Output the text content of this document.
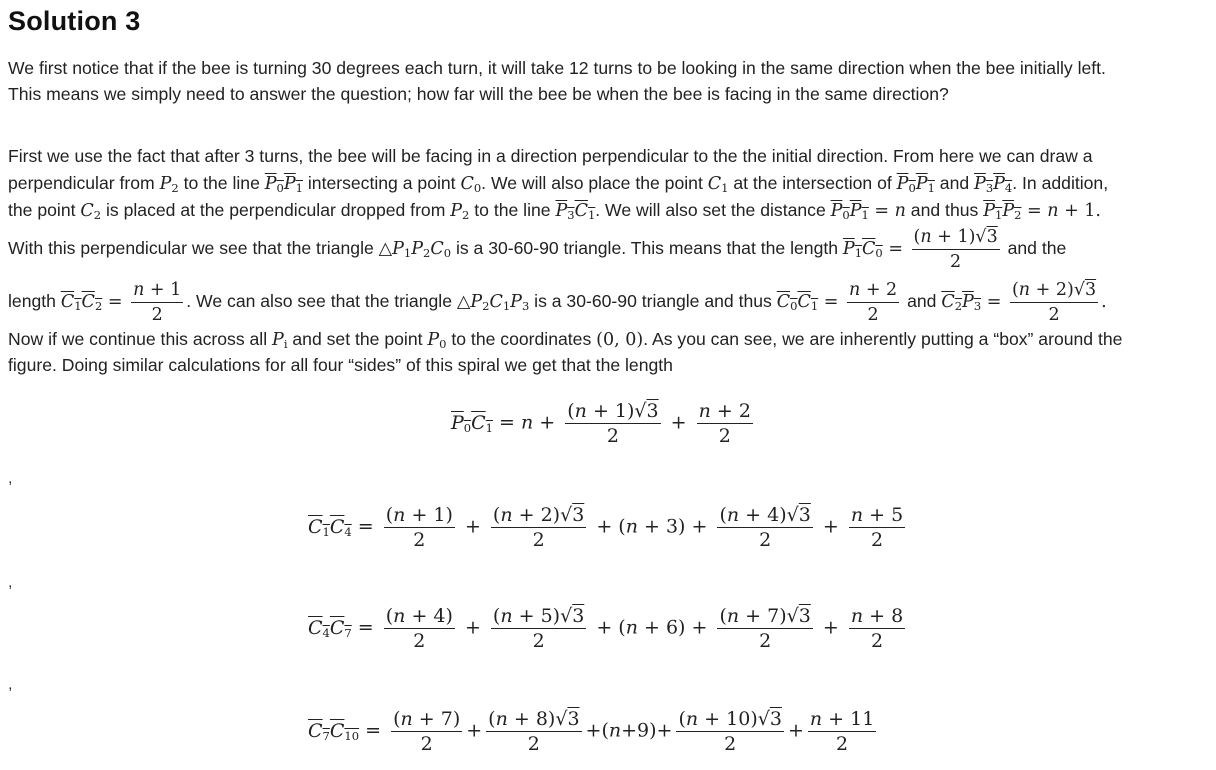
Solution 3
We first notice that if the bee is turning 30 degrees each turn, it will take 12 turns to be looking in the same direction when the bee initially left.
This means we simply need to answer the question; how far will the bee be when the bee is facing in the same direction?
First we use the fact that after 3 turns, the bee will be facing in a direction perpendicular to the the initial direction. From here we can draw a
perpendicular from $P_2$ to the line $P_0P_1$ intersecting a point $C_0$. We will also place the point $C_1$ at the intersection of $P_0P_1$ and $P_3P_4$. In addition,
the point $C_2$ is placed at the perpendicular dropped from $P_2$ to the line $P_3C_1$. We will also set the distance $P_0P_1 = n$ and thus $P_1P_2 = n + 1$.
With this perpendicular we see that the triangle $\triangle P_1P_2C_0$ is a 30-60-90 triangle. This means that the length $P_1C_0 = \frac{(n + 1)√3}{2}$ and the
length $C_1C_2 = \frac{n + 1}{2}$ . We can also see that the triangle $\triangle P_2C_1P_3$ is a 30-60-90 triangle and thus $C_0C_1 = \frac{n + 2}{2}$ and $C_2P_3 = \frac{(n + 2)√3}{2}$ .
Now if we continue this across all $P_i$ and set the point $P_0$ to the coordinates (0, 0). As you can see, we are inherently putting a “box” around the
figure. Doing similar calculations for all four “sides” of this spiral we get that the length
$P_0C_1 = n + \frac{(n + 1)√3}{2} + \frac{n + 2}{2}$
$C_1C_4 = \frac{(n + 1)}{2} + \frac{(n + 2)√3}{2} + (n + 3) + \frac{(n + 4)√3}{2} + \frac{n + 5}{2}$
$C_4C_7 = \frac{(n + 4)}{2} + \frac{(n + 5)√3}{2} + (n + 6) + \frac{(n + 7)√3}{2} + \frac{n + 8}{2}$
$C_7C_{10} = \frac{(n + 7)}{2} + \frac{(n + 8)√3}{2} +(n+9)+ \frac{(n + 10)√3}{2} + \frac{n + 11}{2}$
,
,
,
